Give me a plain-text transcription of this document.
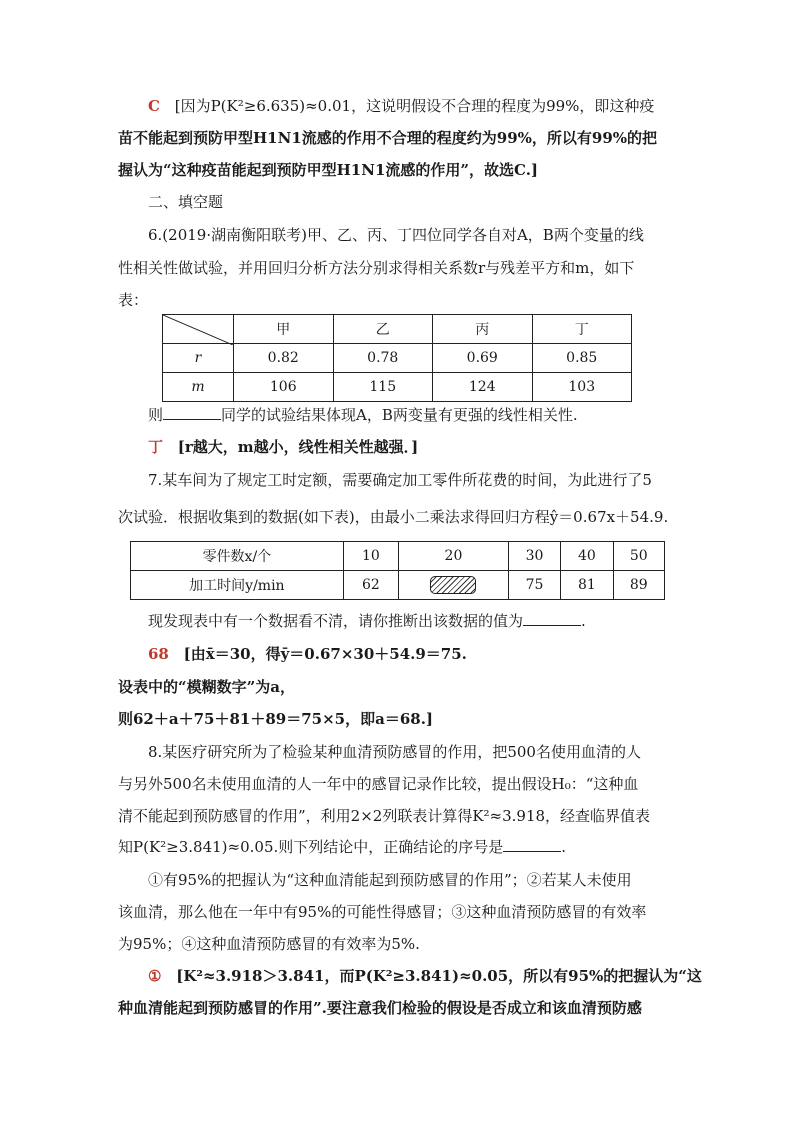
C [因为P(K²≥6.635)≈0.01，这说明假设不合理的程度为99%，即这种疫
苗不能起到预防甲型H1N1流感的作用不合理的程度约为99%，所以有99%的把
握认为“这种疫苗能起到预防甲型H1N1流感的作用”，故选C.]
二、填空题
6.(2019·湖南衡阳联考)甲、乙、丙、丁四位同学各自对A，B两个变量的线
性相关性做试验，并用回归分析方法分别求得相关系数r与残差平方和m，如下
表：
	甲	乙	丙	丁
r	0.82	0.78	0.69	0.85
m	106	115	124	103
则	同学的试验结果体现A，B两变量有更强的线性相关性.
丁 [r越大，m越小，线性相关性越强．]
7.某车间为了规定工时定额，需要确定加工零件所花费的时间，为此进行了5
次试验．根据收集到的数据(如下表)，由最小二乘法求得回归方程ŷ＝0.67x＋54.9.
零件数x/个	10	20	30	40	50
加工时间y/min	62		75	81	89
现发现表中有一个数据看不清，请你推断出该数据的值为	.
68 [由x̄＝30，得ȳ＝0.67×30＋54.9＝75.
设表中的“模糊数字”为a，
则62＋a＋75＋81＋89＝75×5，即a＝68.]
8.某医疗研究所为了检验某种血清预防感冒的作用，把500名使用血清的人
与另外500名未使用血清的人一年中的感冒记录作比较，提出假设H₀：“这种血
清不能起到预防感冒的作用”，利用2×2列联表计算得K²≈3.918，经查临界值表
知P(K²≥3.841)≈0.05.则下列结论中，正确结论的序号是	.
①有95%的把握认为“这种血清能起到预防感冒的作用”；②若某人未使用
该血清，那么他在一年中有95%的可能性得感冒；③这种血清预防感冒的有效率
为95%；④这种血清预防感冒的有效率为5%.
① [K²≈3.918＞3.841，而P(K²≥3.841)≈0.05，所以有95%的把握认为“这
种血清能起到预防感冒的作用”.要注意我们检验的假设是否成立和该血清预防感
